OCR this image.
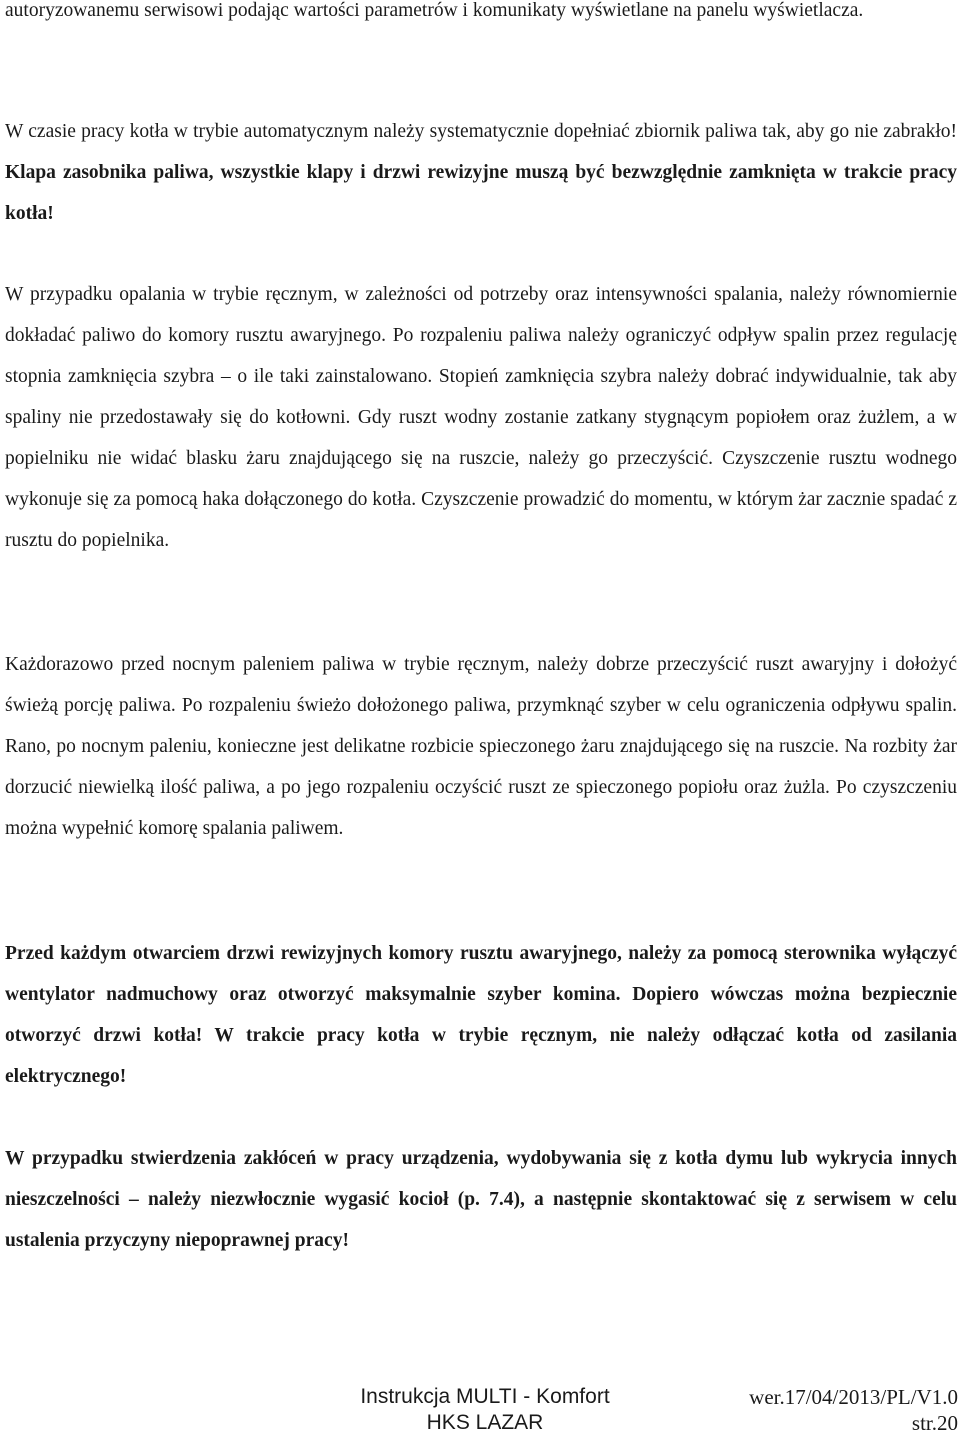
autoryzowanemu serwisowi podając wartości parametrów i komunikaty wyświetlane na panelu wyświetlacza.

W czasie pracy kotła w trybie automatycznym należy systematycznie dopełniać zbiornik paliwa tak, aby go nie zabrakło! Klapa zasobnika paliwa, wszystkie klapy i drzwi rewizyjne muszą być bezwzględnie zamknięta w trakcie pracy kotła!

W przypadku opalania w trybie ręcznym, w zależności od potrzeby oraz intensywności spalania, należy równomiernie dokładać paliwo do komory rusztu awaryjnego. Po rozpaleniu paliwa należy ograniczyć odpływ spalin przez regulację stopnia zamknięcia szybra – o ile taki zainstalowano. Stopień zamknięcia szybra należy dobrać indywidualnie, tak aby spaliny nie przedostawały się do kotłowni. Gdy ruszt wodny zostanie zatkany stygnącym popiołem oraz żużlem, a w popielniku nie widać blasku żaru znajdującego się na ruszcie, należy go przeczyścić. Czyszczenie rusztu wodnego wykonuje się za pomocą haka dołączonego do kotła. Czyszczenie prowadzić do momentu, w którym żar zacznie spadać z rusztu do popielnika.

Każdorazowo przed nocnym paleniem paliwa w trybie ręcznym, należy dobrze przeczyścić ruszt awaryjny i dołożyć świeżą porcję paliwa. Po rozpaleniu świeżo dołożonego paliwa, przymknąć szyber w celu ograniczenia odpływu spalin. Rano, po nocnym paleniu, konieczne jest delikatne rozbicie spieczonego żaru znajdującego się na ruszcie. Na rozbity żar dorzucić niewielką ilość paliwa, a po jego rozpaleniu oczyścić ruszt ze spieczonego popiołu oraz żużla. Po czyszczeniu można wypełnić komorę spalania paliwem.

Przed każdym otwarciem drzwi rewizyjnych komory rusztu awaryjnego, należy za pomocą sterownika wyłączyć wentylator nadmuchowy oraz otworzyć maksymalnie szyber komina. Dopiero wówczas można bezpiecznie otworzyć drzwi kotła! W trakcie pracy kotła w trybie ręcznym, nie należy odłączać kotła od zasilania elektrycznego!

W przypadku stwierdzenia zakłóceń w pracy urządzenia, wydobywania się z kotła dymu lub wykrycia innych nieszczelności – należy niezwłocznie wygasić kocioł (p. 7.4), a następnie skontaktować się z serwisem w celu ustalenia przyczyny niepoprawnej pracy!

Instrukcja MULTI - Komfort
HKS LAZAR
wer.17/04/2013/PL/V1.0
str.20
